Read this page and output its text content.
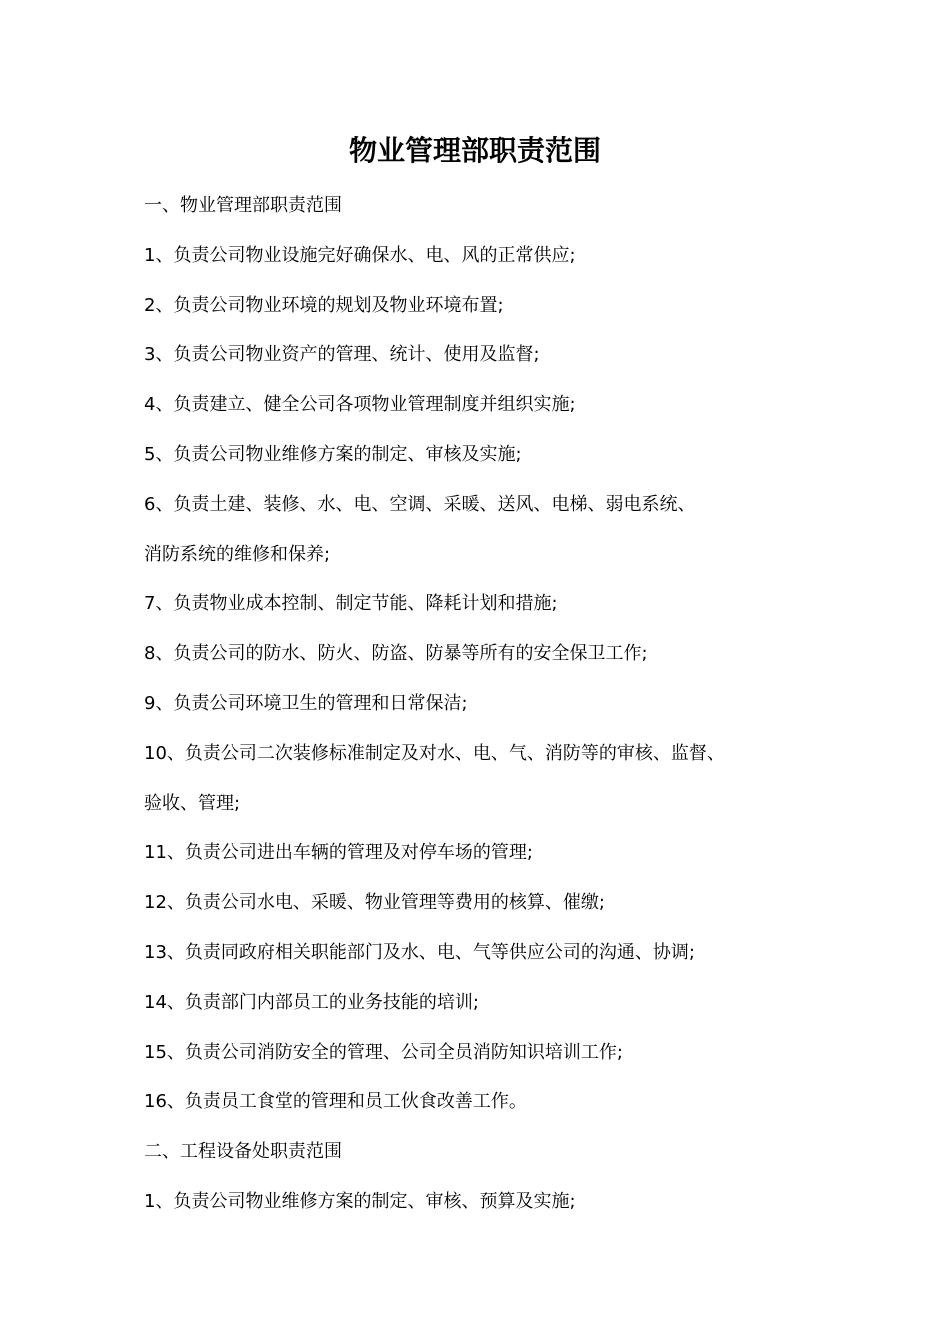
物业管理部职责范围
一、物业管理部职责范围
1、负责公司物业设施完好确保水、电、风的正常供应;
2、负责公司物业环境的规划及物业环境布置;
3、负责公司物业资产的管理、统计、使用及监督;
4、负责建立、健全公司各项物业管理制度并组织实施;
5、负责公司物业维修方案的制定、审核及实施;
6、负责土建、装修、水、电、空调、采暖、送风、电梯、弱电系统、
消防系统的维修和保养;
7、负责物业成本控制、制定节能、降耗计划和措施;
8、负责公司的防水、防火、防盗、防暴等所有的安全保卫工作;
9、负责公司环境卫生的管理和日常保洁;
10、负责公司二次装修标准制定及对水、电、气、消防等的审核、监督、
验收、管理;
11、负责公司进出车辆的管理及对停车场的管理;
12、负责公司水电、采暖、物业管理等费用的核算、催缴;
13、负责同政府相关职能部门及水、电、气等供应公司的沟通、协调;
14、负责部门内部员工的业务技能的培训;
15、负责公司消防安全的管理、公司全员消防知识培训工作;
16、负责员工食堂的管理和员工伙食改善工作。
二、工程设备处职责范围
1、负责公司物业维修方案的制定、审核、预算及实施;
